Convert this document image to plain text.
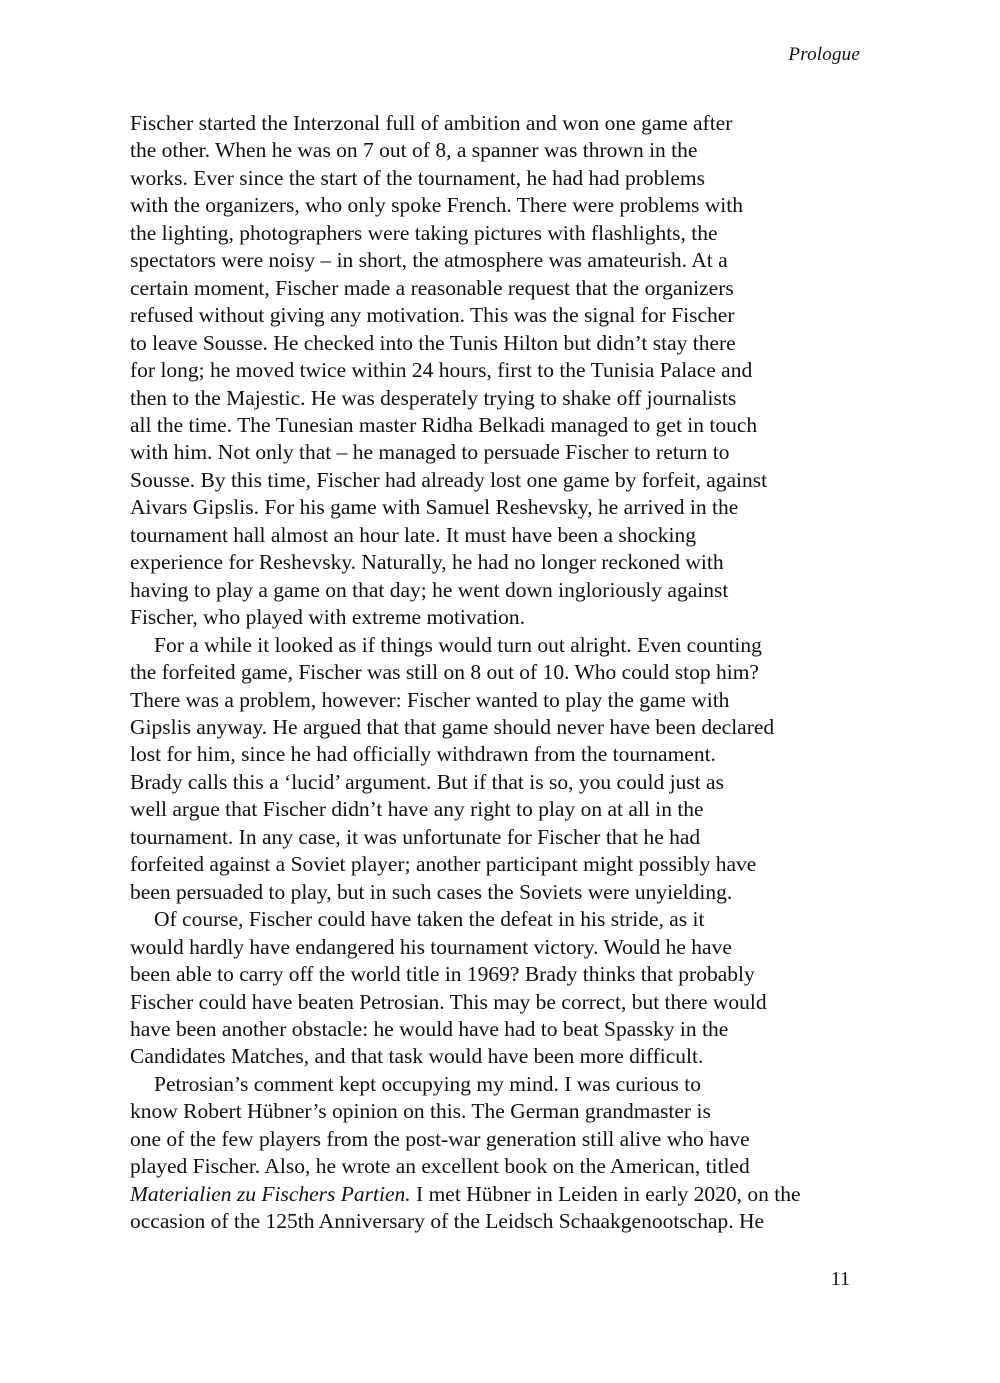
Prologue
Fischer started the Interzonal full of ambition and won one game after
the other. When he was on 7 out of 8, a spanner was thrown in the
works. Ever since the start of the tournament, he had had problems
with the organizers, who only spoke French. There were problems with
the lighting, photographers were taking pictures with flashlights, the
spectators were noisy – in short, the atmosphere was amateurish. At a
certain moment, Fischer made a reasonable request that the organizers
refused without giving any motivation. This was the signal for Fischer
to leave Sousse. He checked into the Tunis Hilton but didn’t stay there
for long; he moved twice within 24 hours, first to the Tunisia Palace and
then to the Majestic. He was desperately trying to shake off journalists
all the time. The Tunesian master Ridha Belkadi managed to get in touch
with him. Not only that – he managed to persuade Fischer to return to
Sousse. By this time, Fischer had already lost one game by forfeit, against
Aivars Gipslis. For his game with Samuel Reshevsky, he arrived in the
tournament hall almost an hour late. It must have been a shocking
experience for Reshevsky. Naturally, he had no longer reckoned with
having to play a game on that day; he went down ingloriously against
Fischer, who played with extreme motivation.
For a while it looked as if things would turn out alright. Even counting
the forfeited game, Fischer was still on 8 out of 10. Who could stop him?
There was a problem, however: Fischer wanted to play the game with
Gipslis anyway. He argued that that game should never have been declared
lost for him, since he had officially withdrawn from the tournament.
Brady calls this a ‘lucid’ argument. But if that is so, you could just as
well argue that Fischer didn’t have any right to play on at all in the
tournament. In any case, it was unfortunate for Fischer that he had
forfeited against a Soviet player; another participant might possibly have
been persuaded to play, but in such cases the Soviets were unyielding.
Of course, Fischer could have taken the defeat in his stride, as it
would hardly have endangered his tournament victory. Would he have
been able to carry off the world title in 1969? Brady thinks that probably
Fischer could have beaten Petrosian. This may be correct, but there would
have been another obstacle: he would have had to beat Spassky in the
Candidates Matches, and that task would have been more difficult.
Petrosian’s comment kept occupying my mind. I was curious to
know Robert Hübner’s opinion on this. The German grandmaster is
one of the few players from the post-war generation still alive who have
played Fischer. Also, he wrote an excellent book on the American, titled
Materialien zu Fischers Partien. I met Hübner in Leiden in early 2020, on the
occasion of the 125th Anniversary of the Leidsch Schaakgenootschap. He
11
